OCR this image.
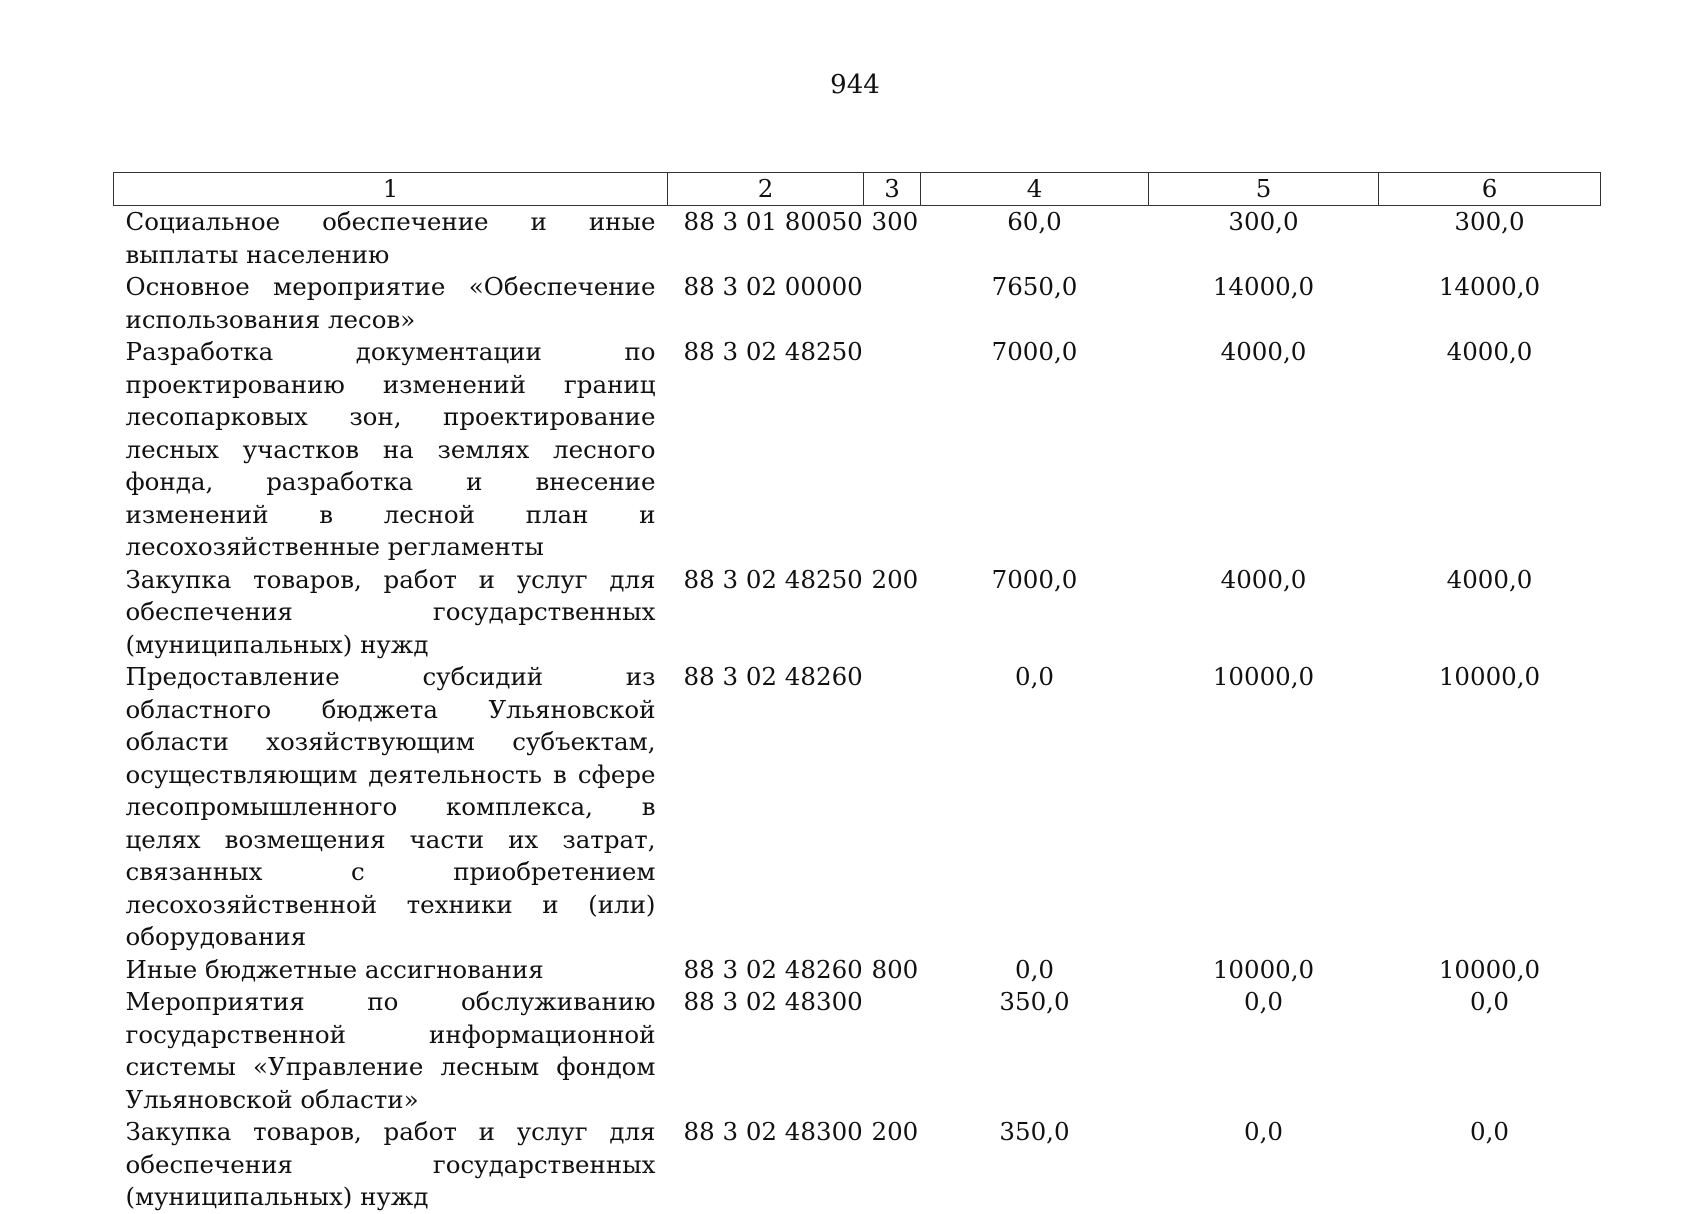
944
1	2	3	4	5	6
Социальное обеспечение и иные выплаты населению	88 3 01 80050	300	60,0	300,0	300,0
Основное мероприятие «Обеспечение использования лесов»	88 3 02 00000		7650,0	14000,0	14000,0
Разработка документации по проектированию изменений границ лесопарковых зон, проектирование лесных участков на землях лесного фонда, разработка и внесение изменений в лесной план и лесохозяйственные регламенты	88 3 02 48250		7000,0	4000,0	4000,0
Закупка товаров, работ и услуг для обеспечения государственных (муниципальных) нужд	88 3 02 48250	200	7000,0	4000,0	4000,0
Предоставление субсидий из областного бюджета Ульяновской области хозяйствующим субъектам, осуществляющим деятельность в сфере лесопромышленного комплекса, в целях возмещения части их затрат, связанных с приобретением лесохозяйственной техники и (или) оборудования	88 3 02 48260		0,0	10000,0	10000,0
Иные бюджетные ассигнования	88 3 02 48260	800	0,0	10000,0	10000,0
Мероприятия по обслуживанию государственной информационной системы «Управление лесным фондом Ульяновской области»	88 3 02 48300		350,0	0,0	0,0
Закупка товаров, работ и услуг для обеспечения государственных (муниципальных) нужд	88 3 02 48300	200	350,0	0,0	0,0
